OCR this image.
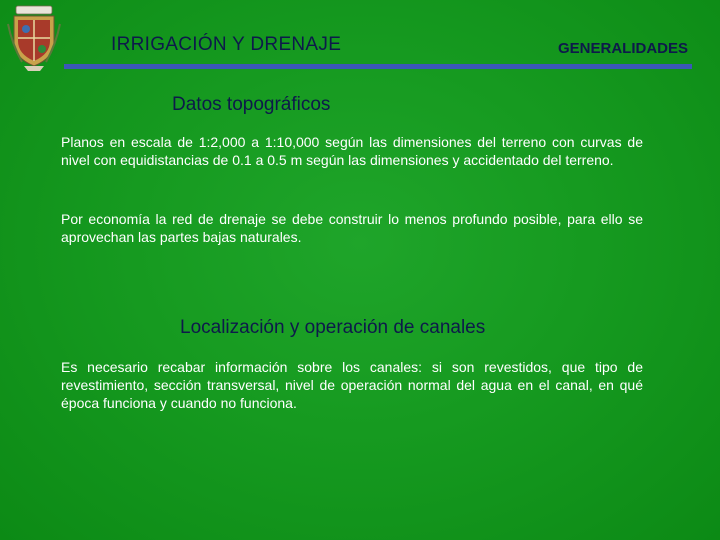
IRRIGACIÓN Y DRENAJE	GENERALIDADES
Datos topográficos

Planos en escala de 1:2,000 a 1:10,000 según las dimensiones del terreno con curvas de nivel con equidistancias de 0.1 a 0.5 m según las dimensiones y accidentado del terreno.

Por economía la red de drenaje se debe construir lo menos profundo posible, para ello se aprovechan las partes bajas naturales.

Localización y operación de canales

Es necesario recabar información sobre los canales: si son revestidos, que tipo de revestimiento, sección transversal, nivel de operación normal del agua en el canal, en qué época funciona y cuando no funciona.
